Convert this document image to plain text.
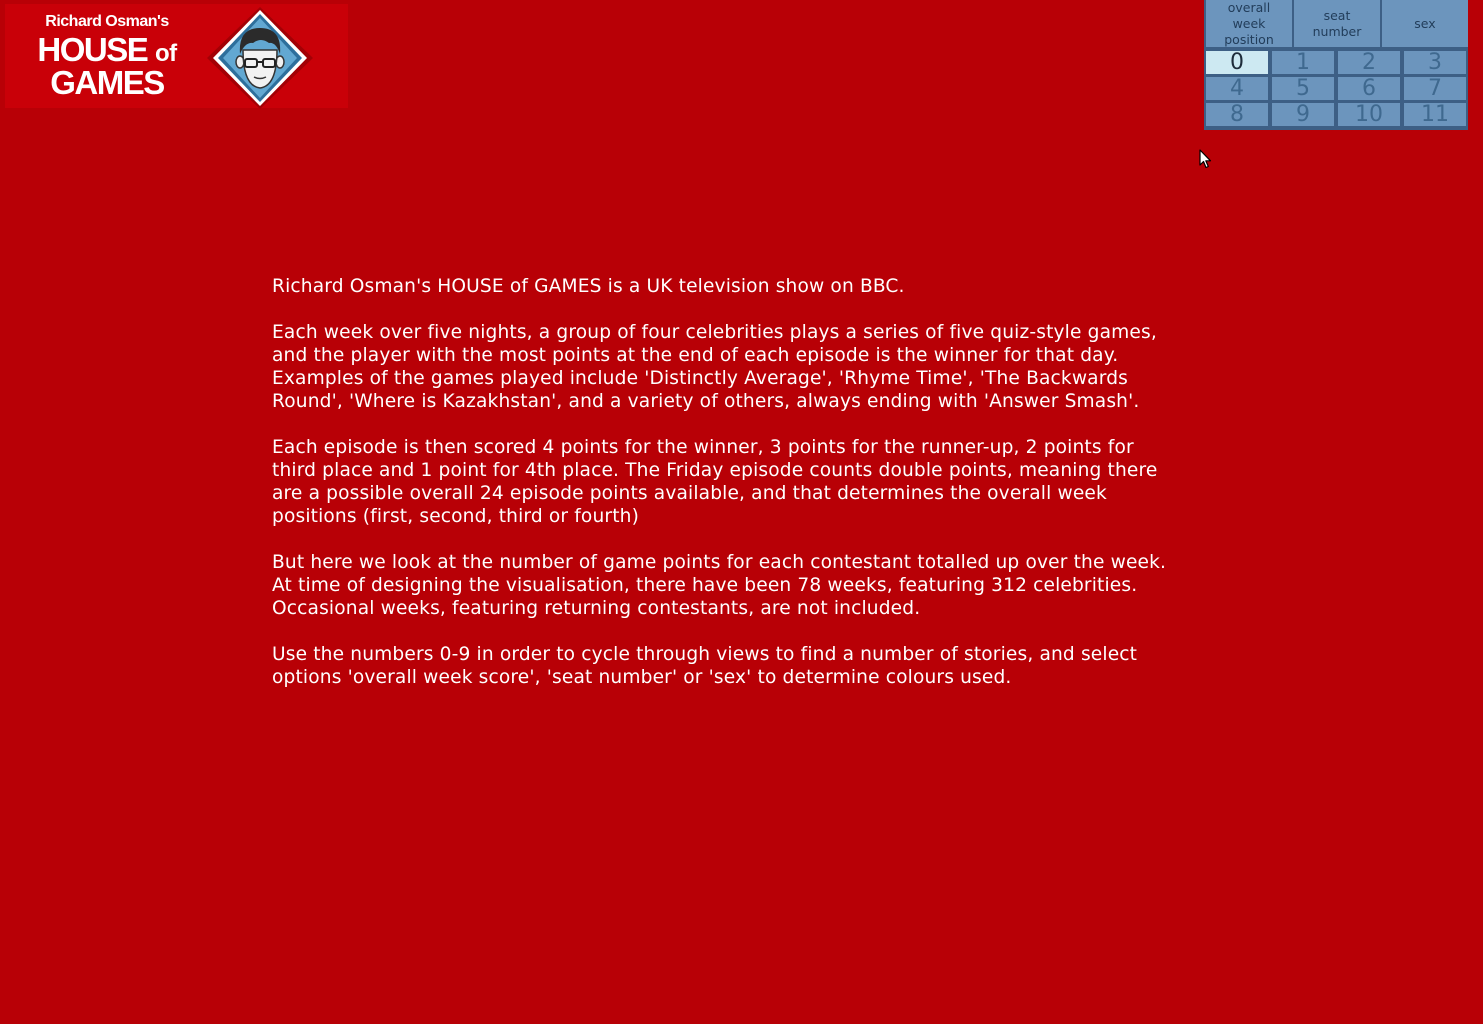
Richard Osman's
HOUSE of
GAMES
overall week position
seat number
sex
0	1	2	3
4	5	6	7
8	9	10	11

Richard Osman's HOUSE of GAMES is a UK television show on BBC.

Each week over five nights, a group of four celebrities plays a series of five quiz-style games, and the player with the most points at the end of each episode is the winner for that day. Examples of the games played include 'Distinctly Average', 'Rhyme Time', 'The Backwards Round', 'Where is Kazakhstan', and a variety of others, always ending with 'Answer Smash'.

Each episode is then scored 4 points for the winner, 3 points for the runner-up, 2 points for third place and 1 point for 4th place. The Friday episode counts double points, meaning there are a possible overall 24 episode points available, and that determines the overall week positions (first, second, third or fourth)

But here we look at the number of game points for each contestant totalled up over the week. At time of designing the visualisation, there have been 78 weeks, featuring 312 celebrities. Occasional weeks, featuring returning contestants, are not included.

Use the numbers 0-9 in order to cycle through views to find a number of stories, and select options 'overall week score', 'seat number' or 'sex' to determine colours used.
